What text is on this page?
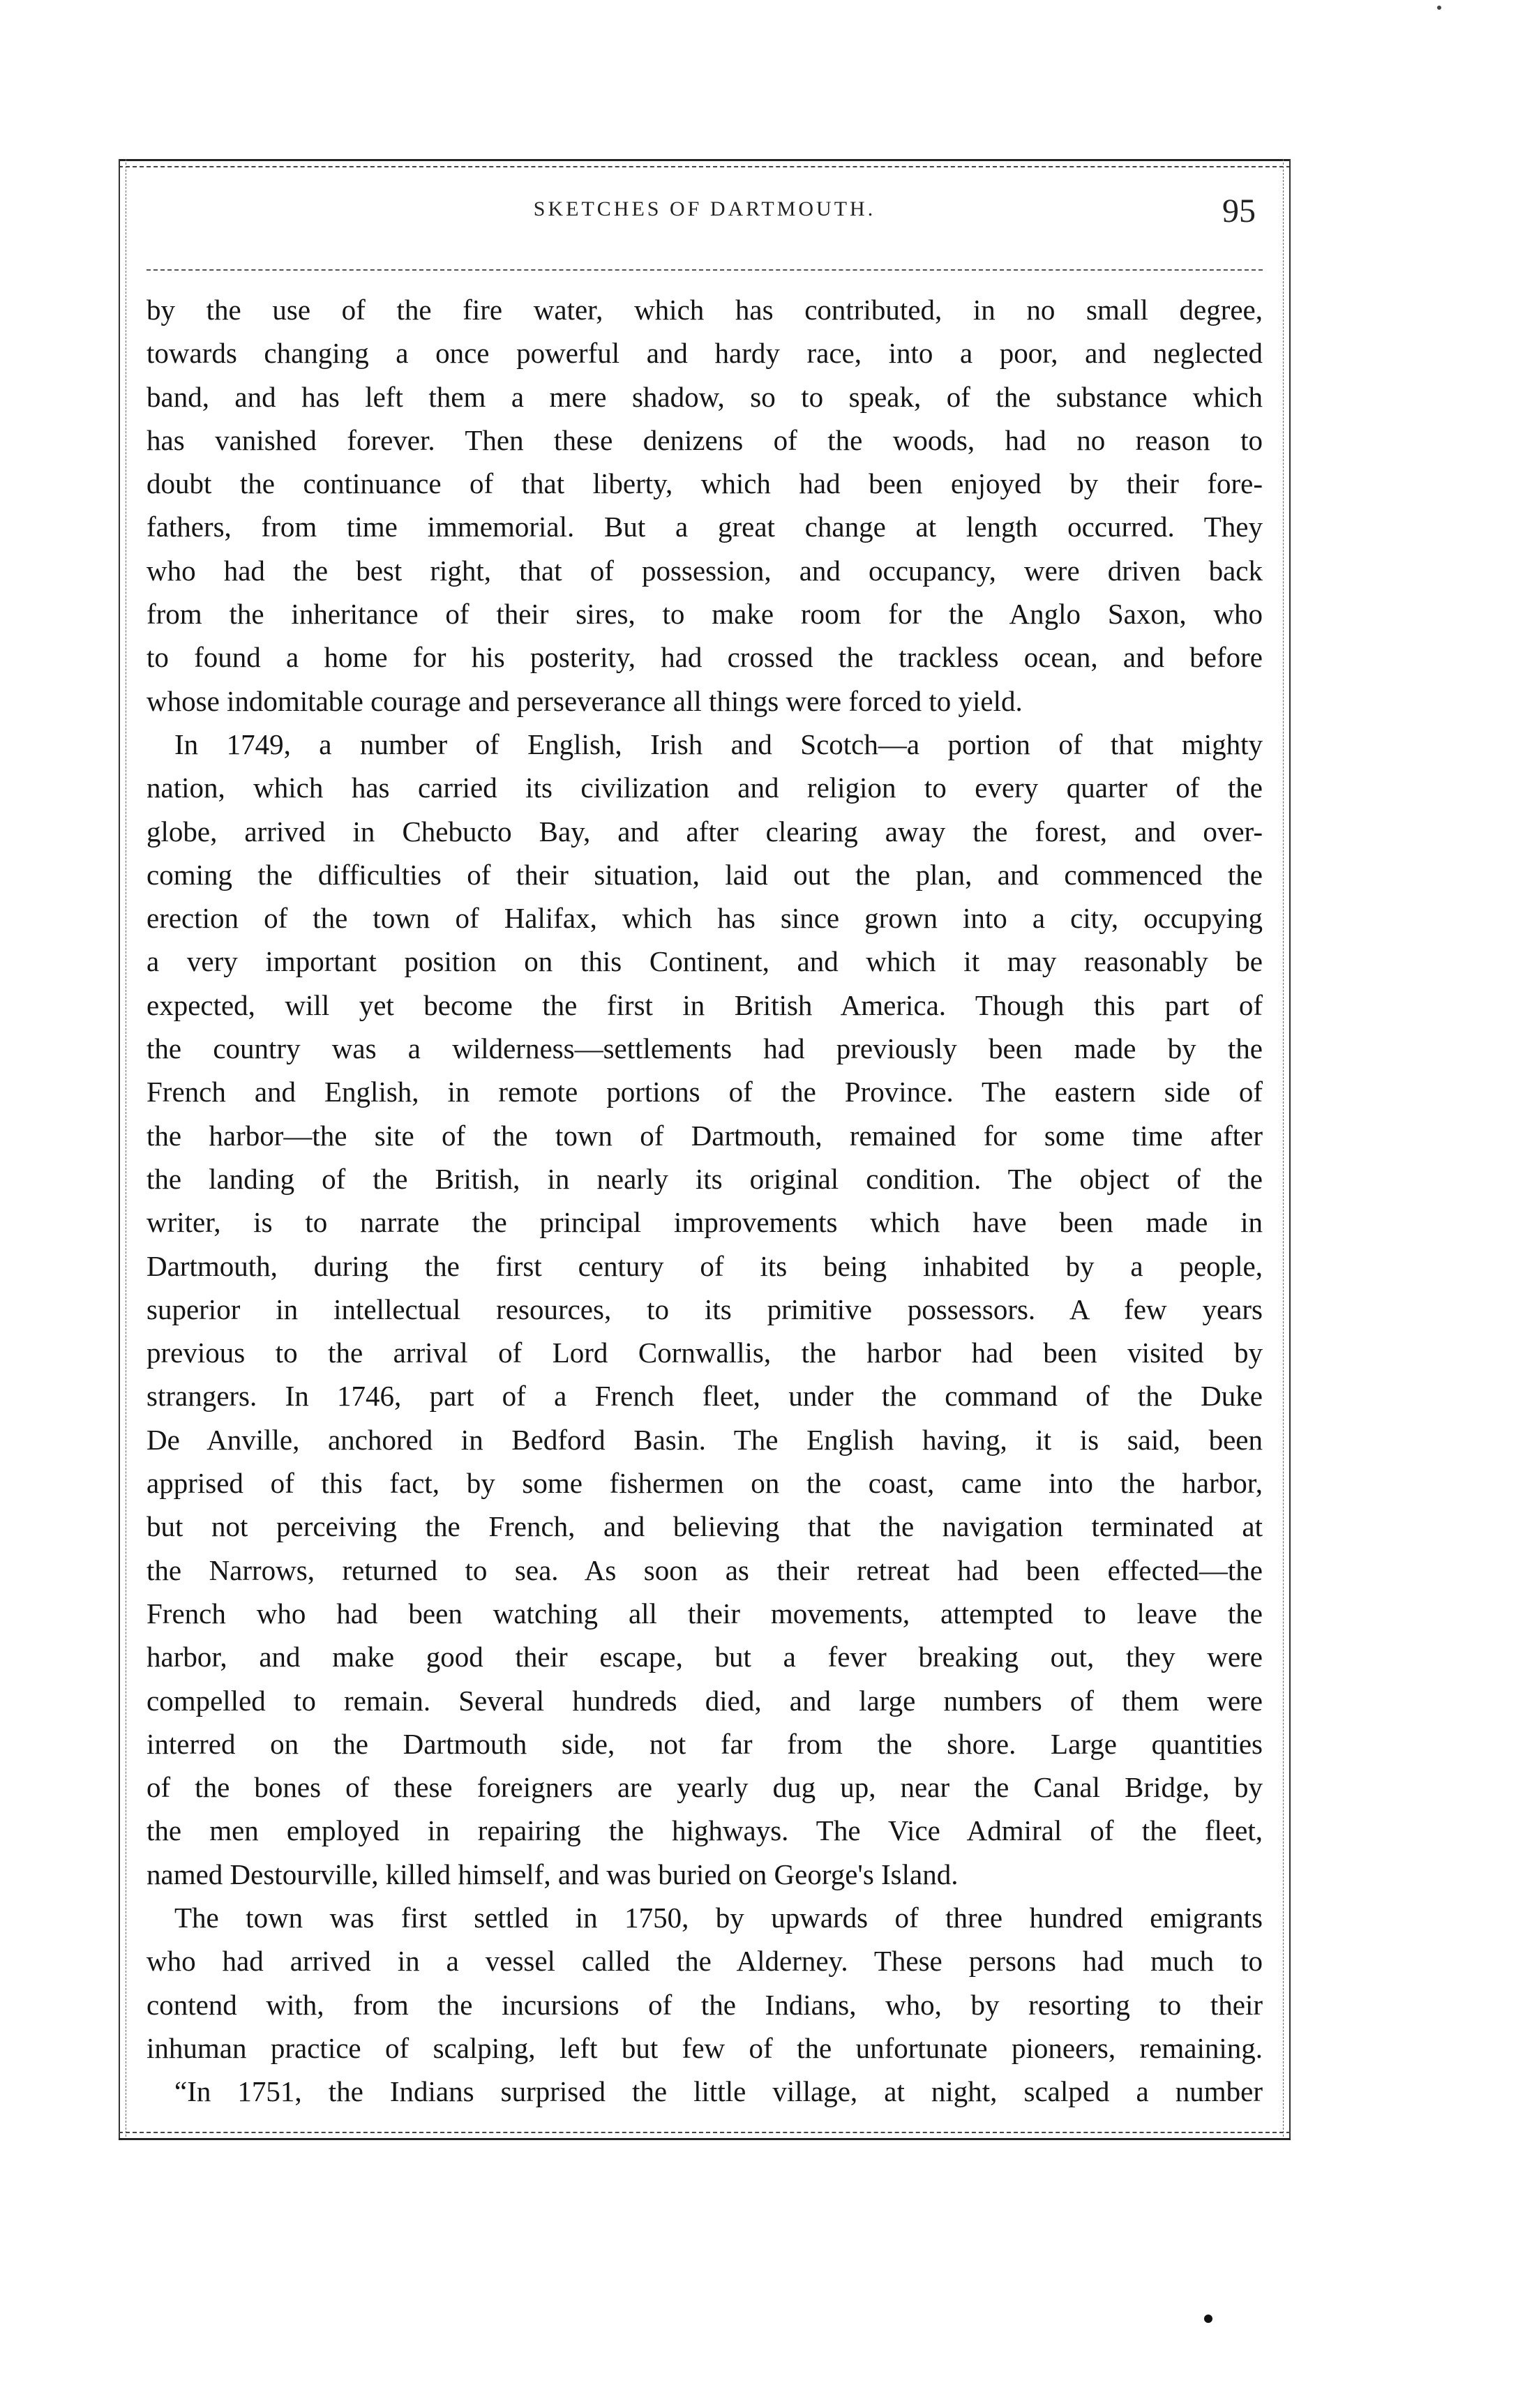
SKETCHES OF DARTMOUTH.	95
by the use of the fire water, which has contributed, in no small degree,
towards changing a once powerful and hardy race, into a poor, and neglected
band, and has left them a mere shadow, so to speak, of the substance which
has vanished forever. Then these denizens of the woods, had no reason to
doubt the continuance of that liberty, which had been enjoyed by their fore-
fathers, from time immemorial. But a great change at length occurred. They
who had the best right, that of possession, and occupancy, were driven back
from the inheritance of their sires, to make room for the Anglo Saxon, who
to found a home for his posterity, had crossed the trackless ocean, and before
whose indomitable courage and perseverance all things were forced to yield.
In 1749, a number of English, Irish and Scotch—a portion of that mighty
nation, which has carried its civilization and religion to every quarter of the
globe, arrived in Chebucto Bay, and after clearing away the forest, and over-
coming the difficulties of their situation, laid out the plan, and commenced the
erection of the town of Halifax, which has since grown into a city, occupying
a very important position on this Continent, and which it may reasonably be
expected, will yet become the first in British America. Though this part of
the country was a wilderness—settlements had previously been made by the
French and English, in remote portions of the Province. The eastern side of
the harbor—the site of the town of Dartmouth, remained for some time after
the landing of the British, in nearly its original condition. The object of the
writer, is to narrate the principal improvements which have been made in
Dartmouth, during the first century of its being inhabited by a people,
superior in intellectual resources, to its primitive possessors. A few years
previous to the arrival of Lord Cornwallis, the harbor had been visited by
strangers. In 1746, part of a French fleet, under the command of the Duke
De Anville, anchored in Bedford Basin. The English having, it is said, been
apprised of this fact, by some fishermen on the coast, came into the harbor,
but not perceiving the French, and believing that the navigation terminated at
the Narrows, returned to sea. As soon as their retreat had been effected—the
French who had been watching all their movements, attempted to leave the
harbor, and make good their escape, but a fever breaking out, they were
compelled to remain. Several hundreds died, and large numbers of them were
interred on the Dartmouth side, not far from the shore. Large quantities
of the bones of these foreigners are yearly dug up, near the Canal Bridge, by
the men employed in repairing the highways. The Vice Admiral of the fleet,
named Destourville, killed himself, and was buried on George's Island.
The town was first settled in 1750, by upwards of three hundred emigrants
who had arrived in a vessel called the Alderney. These persons had much to
contend with, from the incursions of the Indians, who, by resorting to their
inhuman practice of scalping, left but few of the unfortunate pioneers, remaining.
“In 1751, the Indians surprised the little village, at night, scalped a number
